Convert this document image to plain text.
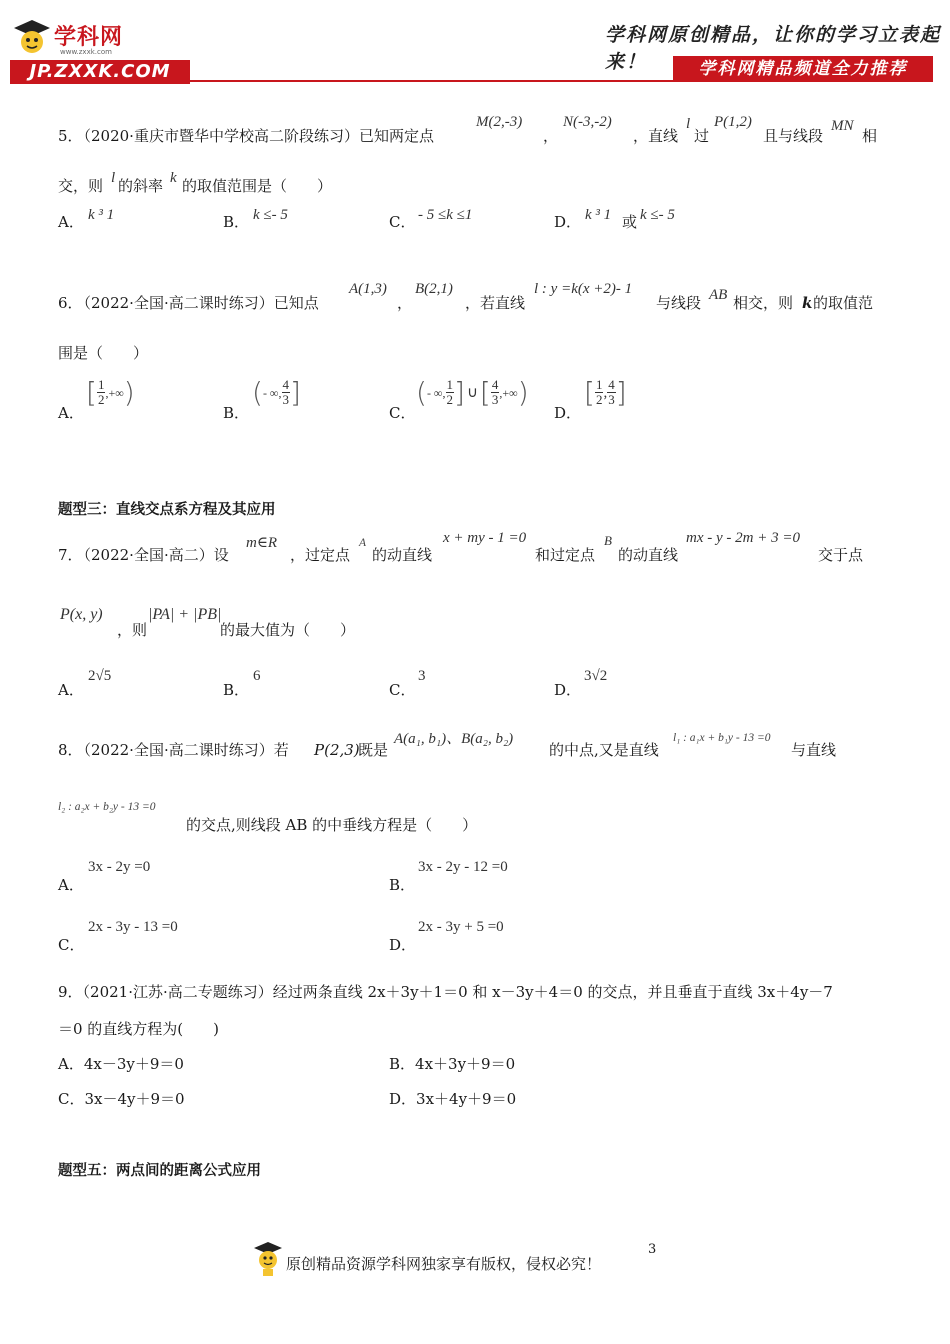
学科网
www.zxxk.com
JP.ZXXK.COM
学科网原创精品，让你的学习立表起来！	学科网精品频道全力推荐
5．
（2020·重庆市暨华中学校高二阶段练习）已知两定点
M(2,-3)
，
N(-3,-2)
，直线
l
过
P(1,2)
且与线段
MN
相
交，则 l 的斜率 k 的取值范围是（　　）
A． k ³ 1	B． k ≤- 5	C． - 5 ≤k ≤1	D． k ³ 1 或 k ≤- 5
6．
（2022·全国·高二课时练习）已知点
A(1,3)
，
B(2,1)
，若直线
l : y =k(x +2)- 1
与线段 AB 相交，则 k 的取值范
围是（　　）
A．
[ $\frac{1}{2}$ ,+∞)
B．
(- ∞, $\frac{4}{3}$ ]
C．
(- ∞, $\frac{1}{2}$ ] ∪[ $\frac{4}{3}$ ,+∞)
D．
[ $\frac{1}{2}$ , $\frac{4}{3}$ ]
题型三：直线交点系方程及其应用
7．
（2022·全国·高二）设
m∈R
，过定点
A
的动直线
x + my - 1 =0
和过定点
B
的动直线
mx - y - 2m + 3 =0
交于点
P(x, y)
，则
|PA| + |PB|
的最大值为（　　）
A．
2√5
B．
6
C．
3
D．
3√2
8．
（2022·全国·高二课时练习）若 P(2,3)
既是
A(a₁, b₁)、B(a₂, b₂)
的中点,又是直线
l₁ : a₁x + b₁y - 13 =0
与直线
l₂ : a₂x + b₂y - 13 =0
的交点,则线段 AB 的中垂线方程是（　　）
A．
3x - 2y =0
B．
3x - 2y - 12 =0
C．
2x - 3y - 13 =0
D．
2x - 3y + 5 =0
9．（2021·江苏·高二专题练习）经过两条直线 2x＋3y＋1＝0 和 x－3y＋4＝0 的交点，并且垂直于直线 3x＋4y－7
＝0 的直线方程为(　　)
A．4x－3y＋9＝0	B．4x＋3y＋9＝0
C．3x－4y＋9＝0	D．3x＋4y＋9＝0
题型五：两点间的距离公式应用
原创精品资源学科网独家享有版权，侵权必究！
3
